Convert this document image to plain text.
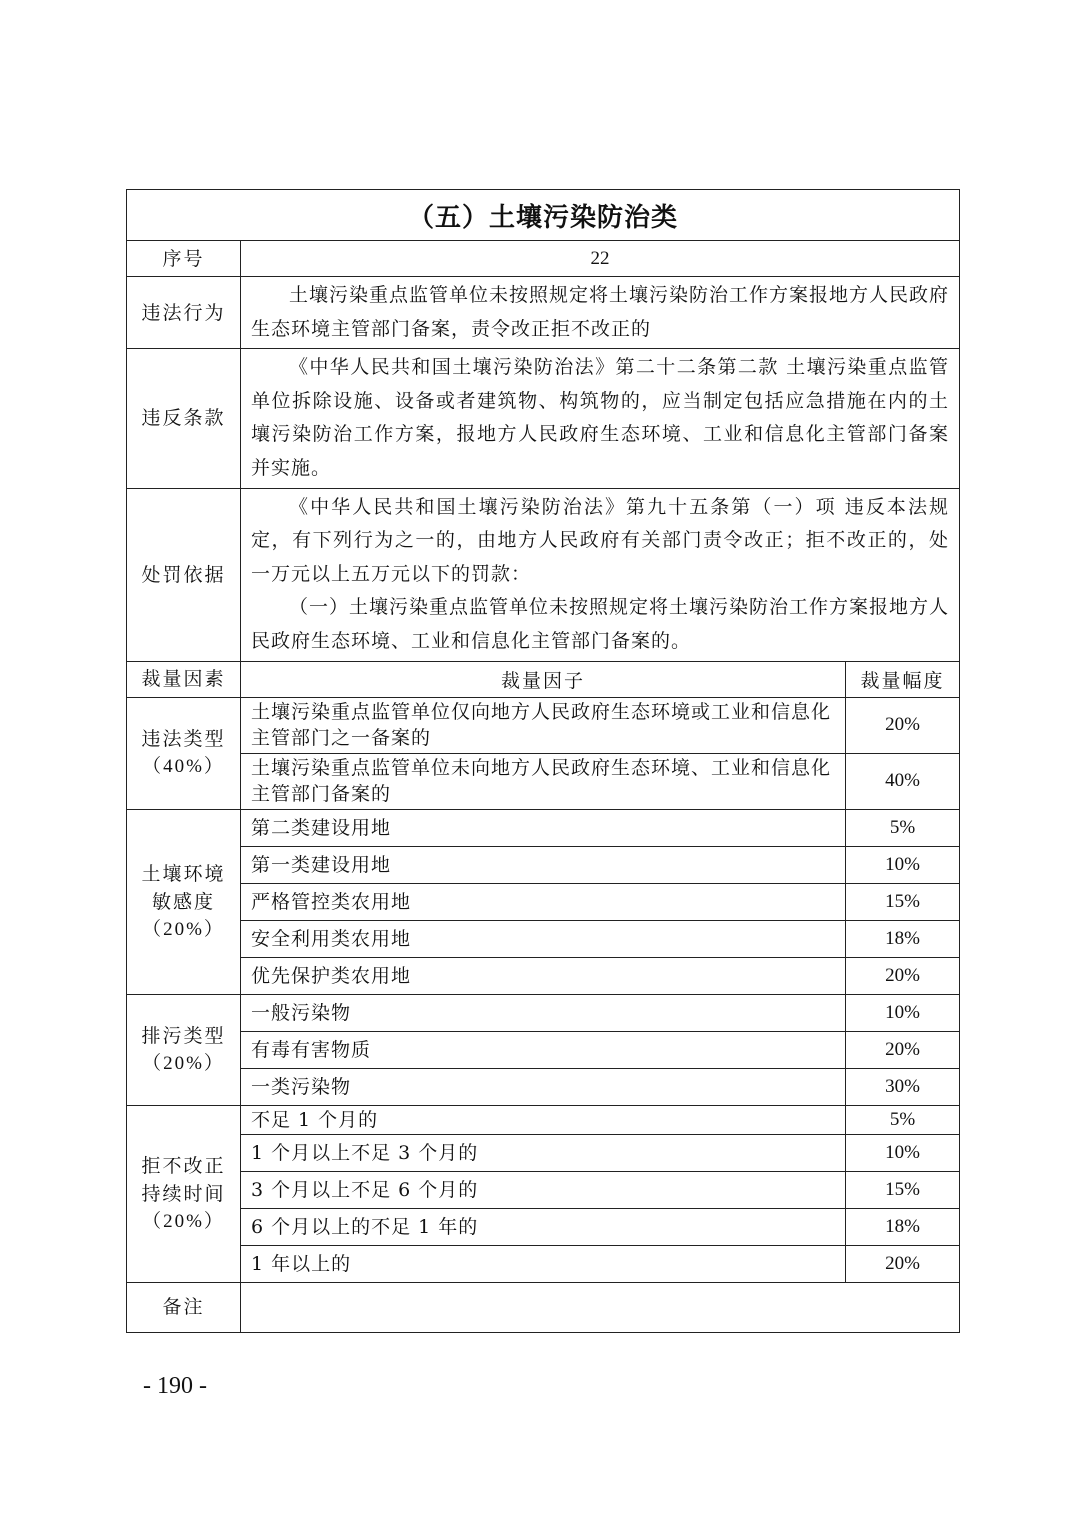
（五）土壤污染防治类		
序号	22	
违法行为	土壤污染重点监管单位未按照规定将土壤污染防治工作方案报地方人民政府生态环境主管部门备案，责令改正拒不改正的	
违反条款	《中华人民共和国土壤污染防治法》第二十二条第二款 土壤污染重点监管单位拆除设施、设备或者建筑物、构筑物的，应当制定包括应急措施在内的土壤污染防治工作方案，报地方人民政府生态环境、工业和信息化主管部门备案并实施。	
处罚依据	《中华人民共和国土壤污染防治法》第九十五条第（一）项 违反本法规定，有下列行为之一的，由地方人民政府有关部门责令改正；拒不改正的，处一万元以上五万元以下的罚款：
（一）土壤污染重点监管单位未按照规定将土壤污染防治工作方案报地方人民政府生态环境、工业和信息化主管部门备案的。	

裁量因素	裁量因子	裁量幅度

违法类型
（40%）	土壤污染重点监管单位仅向地方人民政府生态环境或工业和信息化主管部门之一备案的	20%
	土壤污染重点监管单位未向地方人民政府生态环境、工业和信息化主管部门备案的	40%

土壤环境
敏感度
（20%）	第二类建设用地	5%
	第一类建设用地	10%
	严格管控类农用地	15%
	安全利用类农用地	18%
	优先保护类农用地	20%

排污类型
（20%）	一般污染物	10%
	有毒有害物质	20%
	一类污染物	30%

拒不改正
持续时间
（20%）	不足 1 个月的	5%
	1 个月以上不足 3 个月的	10%
	3 个月以上不足 6 个月的	15%
	6 个月以上的不足 1 年的	18%
	1 年以上的	20%
备注		
- 190 -
